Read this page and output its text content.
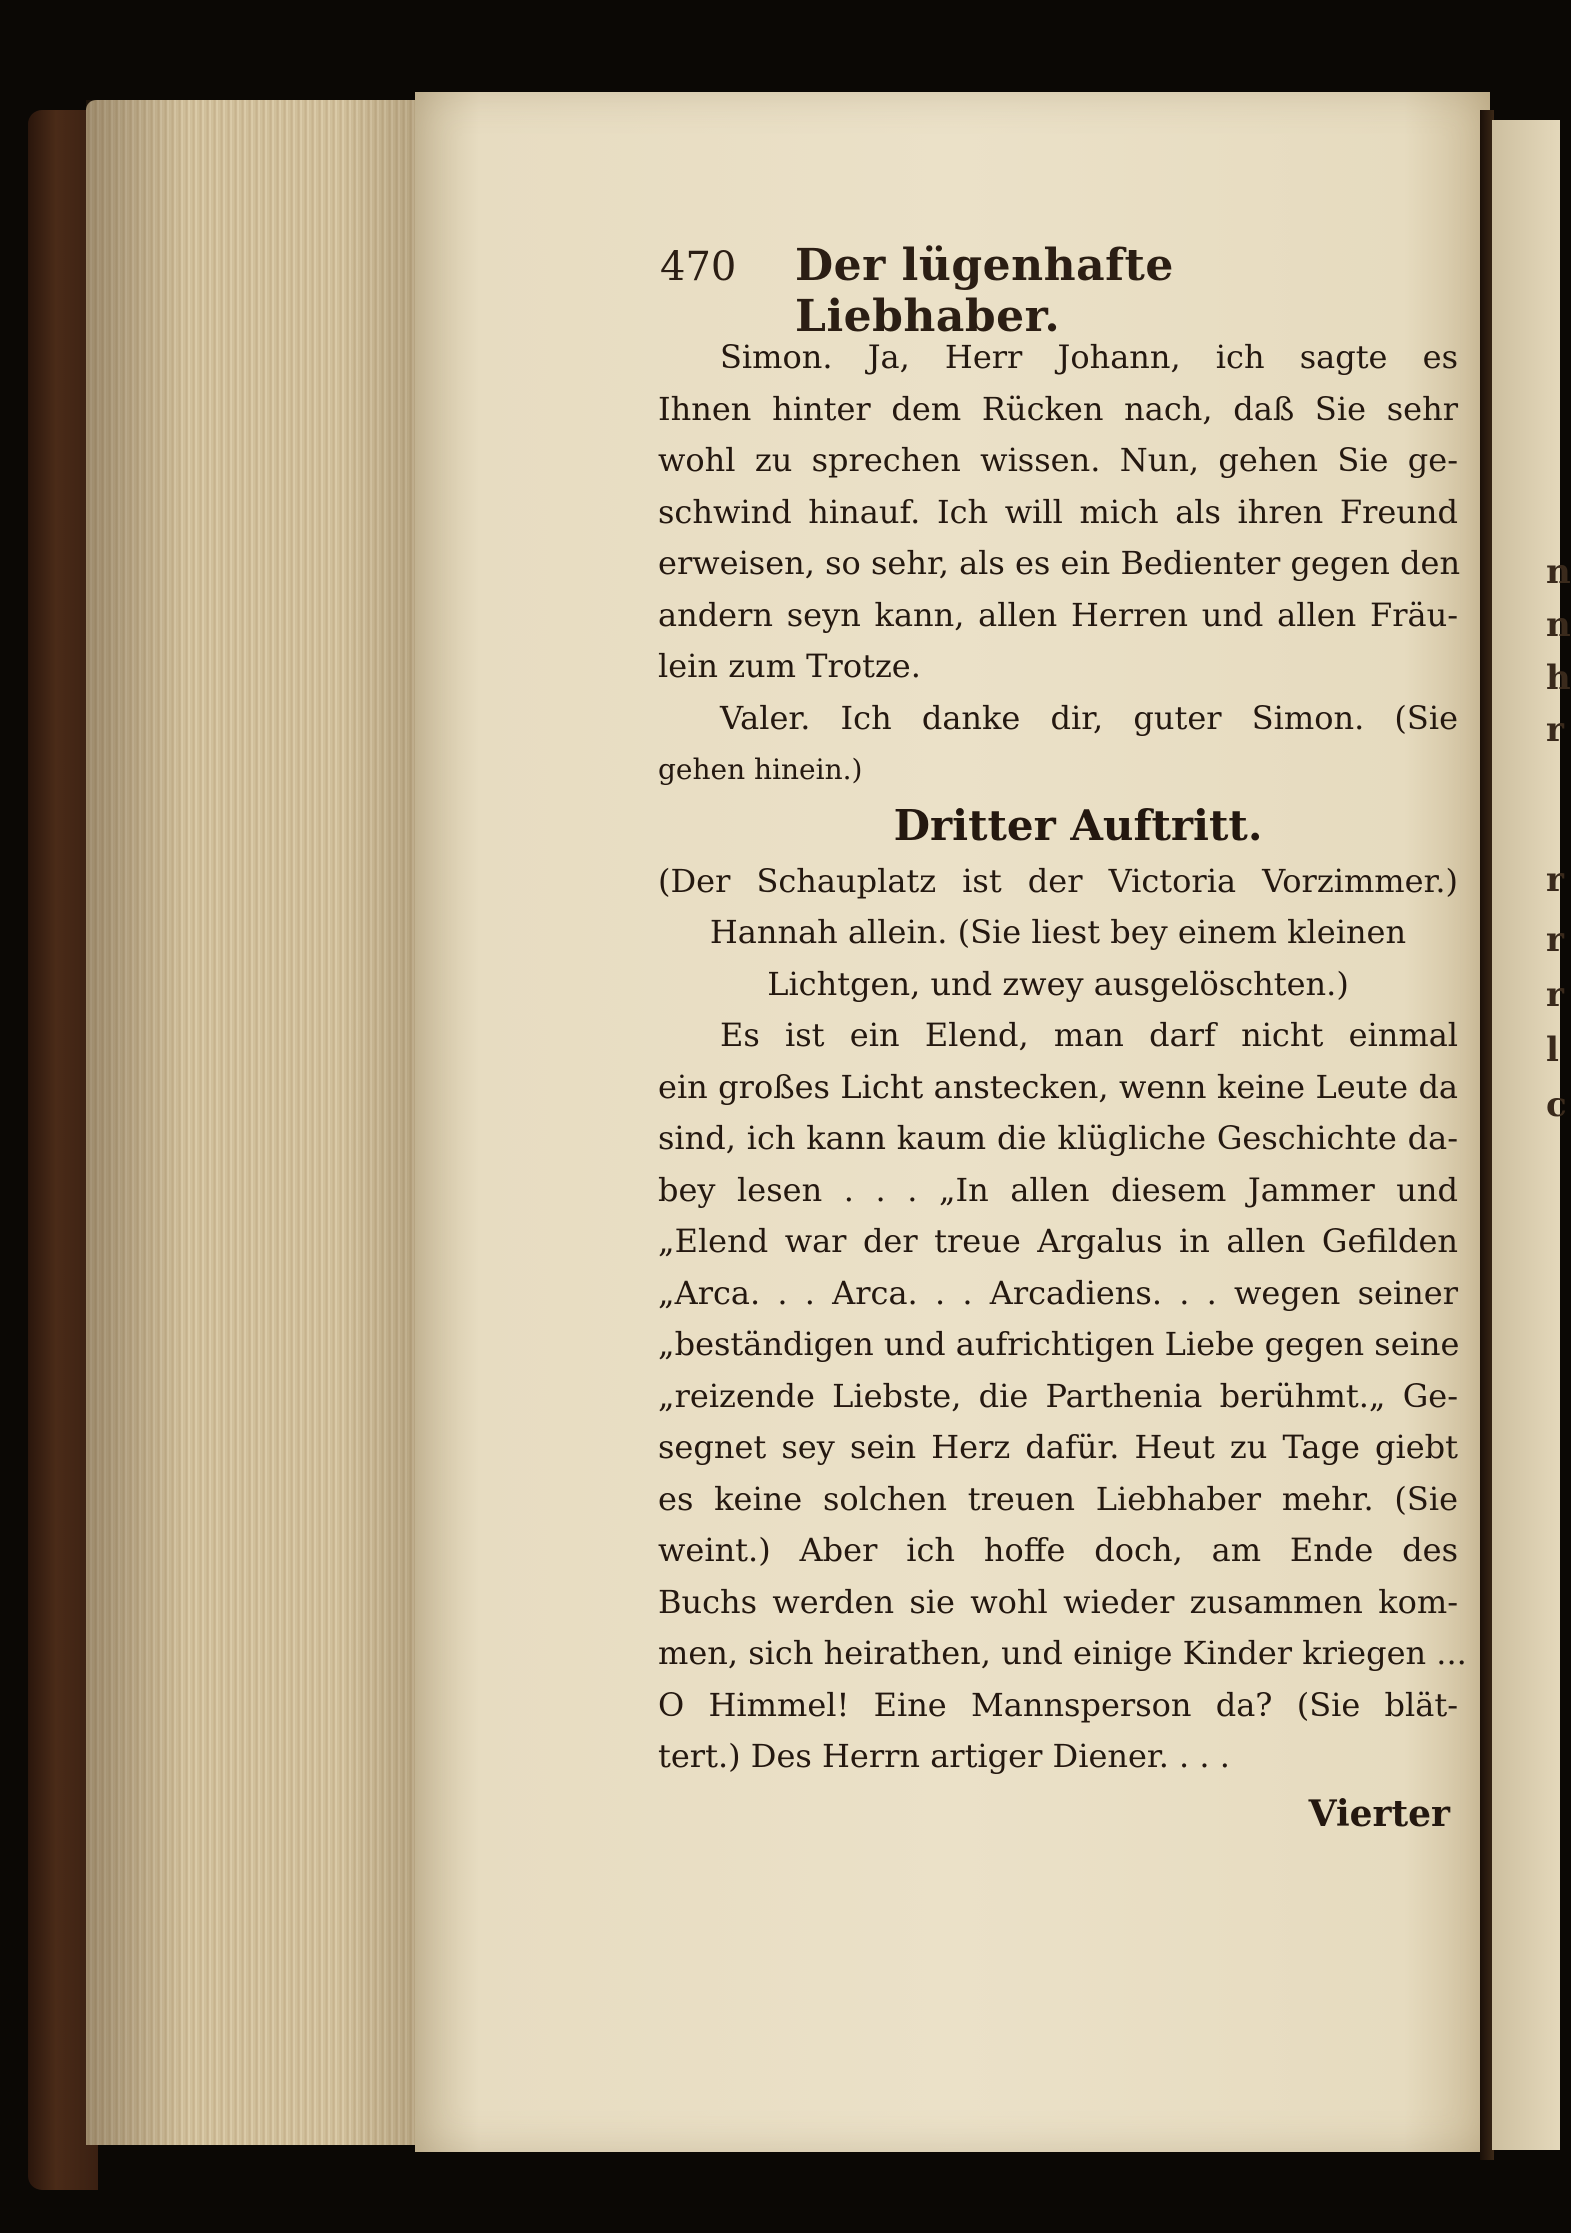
n
n
h
r
r
r
r
l
c
470 Der lügenhafte Liebhaber.
Simon. Ja, Herr Johann, ich sagte es
Ihnen hinter dem Rücken nach, daß Sie sehr
wohl zu sprechen wissen. Nun, gehen Sie ge-
schwind hinauf. Ich will mich als ihren Freund
erweisen, so sehr, als es ein Bedienter gegen den
andern seyn kann, allen Herren und allen Fräu-
lein zum Trotze.
Valer. Ich danke dir, guter Simon. (Sie
gehen hinein.)
Dritter Auftritt.
(Der Schauplatz ist der Victoria Vorzimmer.)
Hannah allein. (Sie liest bey einem kleinen
Lichtgen, und zwey ausgelöschten.)
Es ist ein Elend, man darf nicht einmal
ein großes Licht anstecken, wenn keine Leute da
sind, ich kann kaum die klügliche Geschichte da-
bey lesen . . . „In allen diesem Jammer und
„Elend war der treue Argalus in allen Gefilden
„Arca. . . Arca. . . Arcadiens. . . wegen seiner
„beständigen und aufrichtigen Liebe gegen seine
„reizende Liebste, die Parthenia berühmt.„ Ge-
segnet sey sein Herz dafür. Heut zu Tage giebt
es keine solchen treuen Liebhaber mehr. (Sie
weint.) Aber ich hoffe doch, am Ende des
Buchs werden sie wohl wieder zusammen kom-
men, sich heirathen, und einige Kinder kriegen ...
O Himmel! Eine Mannsperson da? (Sie blät-
tert.) Des Herrn artiger Diener. . . .
Vierter
